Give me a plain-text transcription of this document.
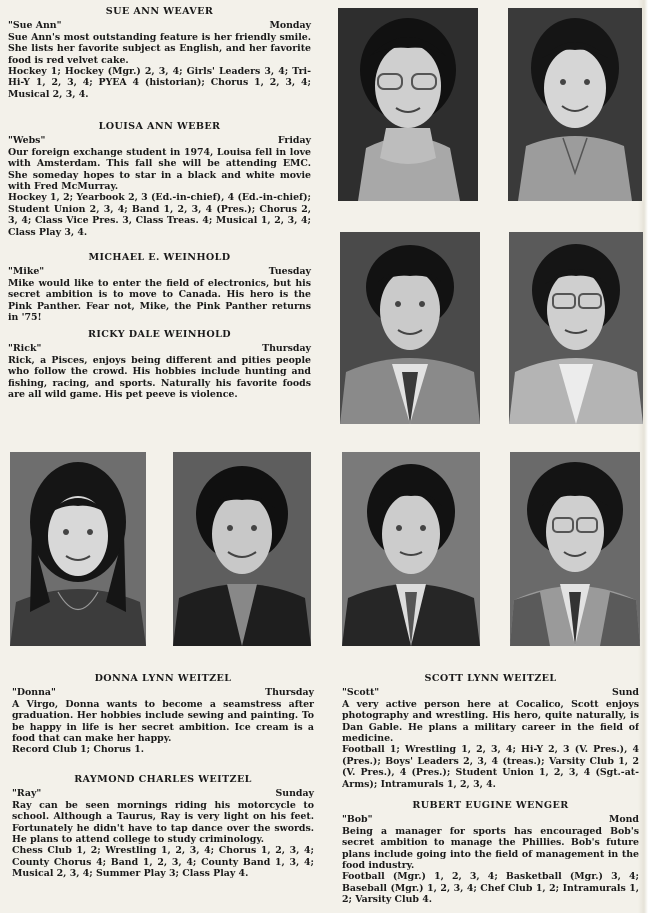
SUE ANN WEAVER
"Sue Ann"	Monday
Sue Ann's most outstanding feature is her friendly smile. She lists her favorite subject as English, and her favorite food is red velvet cake.
Hockey 1; Hockey (Mgr.) 2, 3, 4; Girls' Leaders 3, 4; Tri-Hi-Y 1, 2, 3, 4; PYEA 4 (historian); Chorus 1, 2, 3, 4; Musical 2, 3, 4.
LOUISA ANN WEBER
"Webs"	Friday
Our foreign exchange student in 1974, Louisa fell in love with Amsterdam. This fall she will be attending EMC. She someday hopes to star in a black and white movie with Fred McMurray.
Hockey 1, 2; Yearbook 2, 3 (Ed.-in-chief), 4 (Ed.-in-chief); Student Union 2, 3, 4; Band 1, 2, 3, 4 (Pres.); Chorus 2, 3, 4; Class Vice Pres. 3, Class Treas. 4; Musical 1, 2, 3, 4; Class Play 3, 4.
MICHAEL E. WEINHOLD
"Mike"	Tuesday
Mike would like to enter the field of electronics, but his secret ambition is to move to Canada. His hero is the Pink Panther. Fear not, Mike, the Pink Panther returns in '75!
RICKY DALE WEINHOLD
"Rick"	Thursday
Rick, a Pisces, enjoys being different and pities people who follow the crowd. His hobbies include hunting and fishing, racing, and sports. Naturally his favorite foods are all wild game. His pet peeve is violence.
DONNA LYNN WEITZEL
"Donna"	Thursday
A Virgo, Donna wants to become a seamstress after graduation. Her hobbies include sewing and painting. To be happy in life is her secret ambition. Ice cream is a food that can make her happy.
Record Club 1; Chorus 1.
RAYMOND CHARLES WEITZEL
"Ray"	Sunday
Ray can be seen mornings riding his motorcycle to school. Although a Taurus, Ray is very light on his feet. Fortunately he didn't have to tap dance over the swords. He plans to attend college to study criminology.
Chess Club 1, 2; Wrestling 1, 2, 3, 4; Chorus 1, 2, 3, 4; County Chorus 4; Band 1, 2, 3, 4; County Band 1, 3, 4; Musical 2, 3, 4; Summer Play 3; Class Play 4.
SCOTT LYNN WEITZEL
"Scott"	Sund
A very active person here at Cocalico, Scott enjoys photography and wrestling. His hero, quite naturally, is Dan Gable. He plans a military career in the field of medicine.
Football 1; Wrestling 1, 2, 3, 4; Hi-Y 2, 3 (V. Pres.), 4 (Pres.); Boys' Leaders 2, 3, 4 (treas.); Varsity Club 1, 2 (V. Pres.), 4 (Pres.); Student Union 1, 2, 3, 4 (Sgt.-at-Arms); Intramurals 1, 2, 3, 4.
RUBERT EUGINE WENGER
"Bob"	Mond
Being a manager for sports has encouraged Bob's secret ambition to manage the Phillies. Bob's future plans include going into the field of management in the food industry.
Football (Mgr.) 1, 2, 3, 4; Basketball (Mgr.) 3, 4; Baseball (Mgr.) 1, 2, 3, 4; Chef Club 1, 2; Intramurals 1, 2; Varsity Club 4.
